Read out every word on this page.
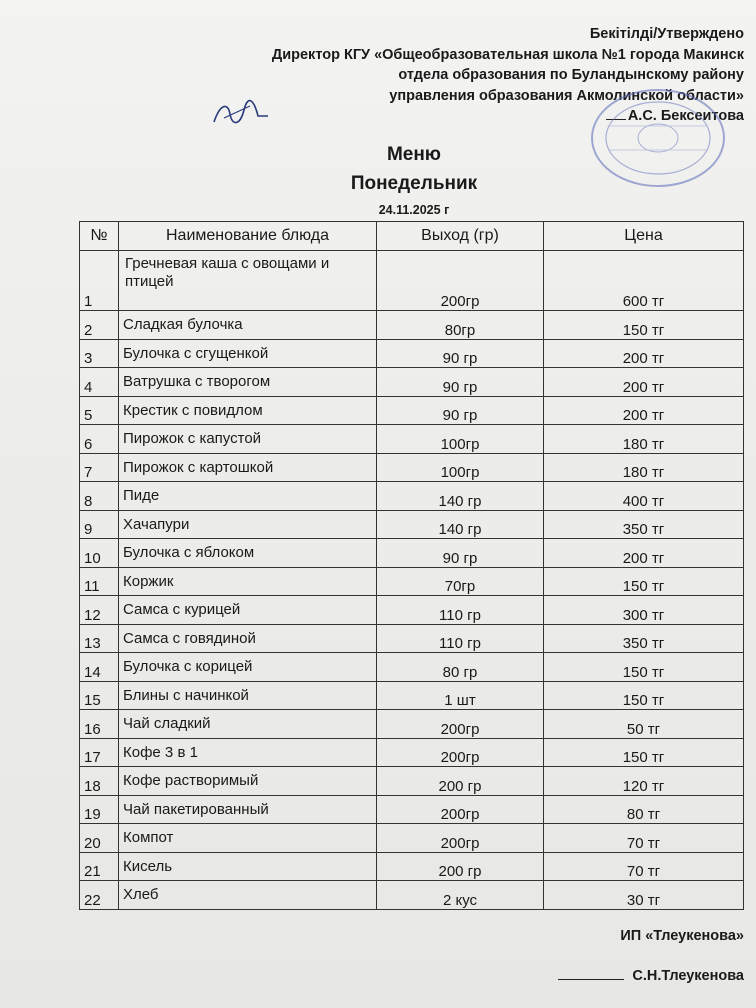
Бекітілді/Утверждено
Директор КГУ «Общеобразовательная школа №1 города Макинск
отдела образования по Буландынскому району
управления образования Акмолинской области»
А.С. Бексеитова
Меню
Понедельник
24.11.2025 г
№	Наименование блюда	Выход (гр)	Цена
1	Гречневая каша с овощами и птицей	200гр	600 тг
2	Сладкая булочка	80гр	150 тг
3	Булочка с сгущенкой	90 гр	200 тг
4	Ватрушка с творогом	90 гр	200 тг
5	Крестик с повидлом	90 гр	200 тг
6	Пирожок с капустой	100гр	180 тг
7	Пирожок с картошкой	100гр	180 тг
8	Пиде	140 гр	400 тг
9	Хачапури	140 гр	350 тг
10	Булочка с яблоком	90 гр	200 тг
11	Коржик	70гр	150 тг
12	Самса с курицей	110 гр	300 тг
13	Самса с говядиной	110 гр	350 тг
14	Булочка с корицей	80 гр	150 тг
15	Блины с начинкой	1 шт	150 тг
16	Чай сладкий	200гр	50 тг
17	Кофе 3 в 1	200гр	150 тг
18	Кофе растворимый	200 гр	120 тг
19	Чай пакетированный	200гр	80 тг
20	Компот	200гр	70 тг
21	Кисель	200 гр	70 тг
22	Хлеб	2 кус	30 тг
ИП «Тлеукенова»
С.Н.Тлеукенова
